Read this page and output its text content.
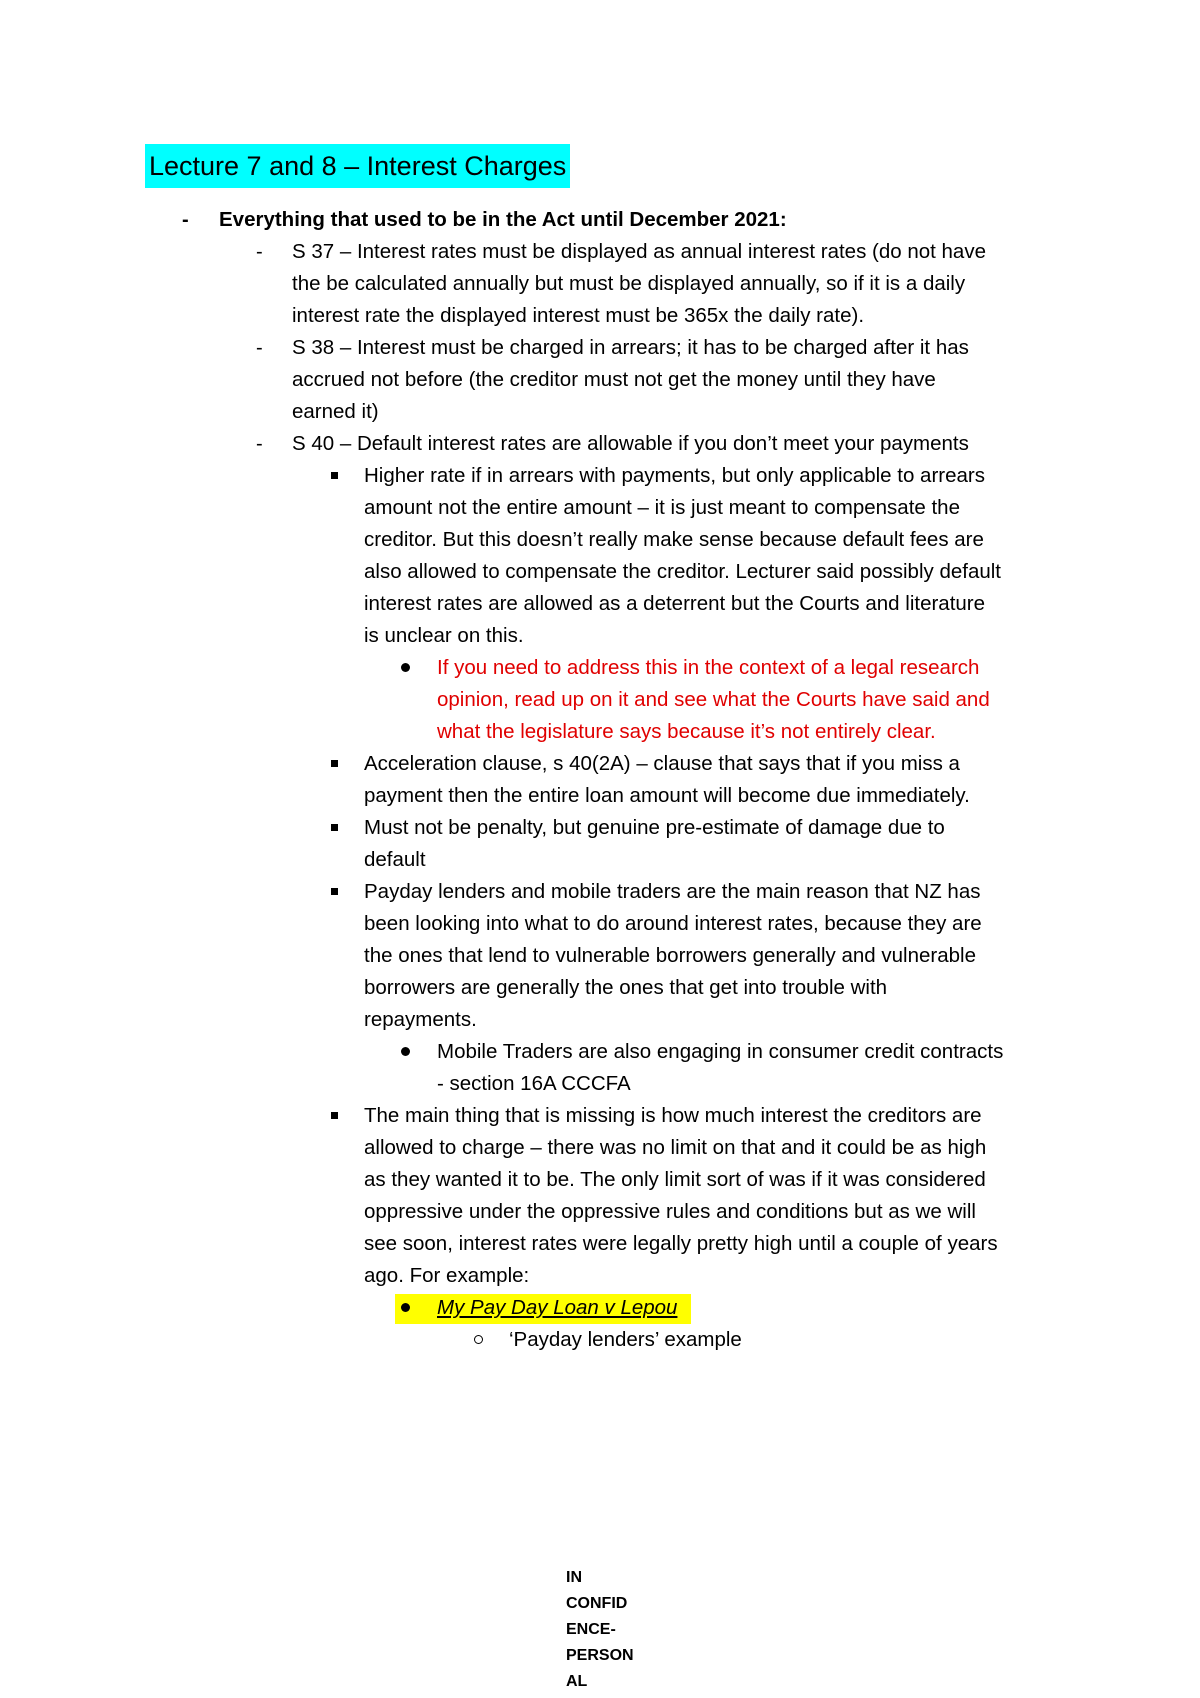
Lecture 7 and 8 – Interest Charges
- Everything that used to be in the Act until December 2021:
- S 37 – Interest rates must be displayed as annual interest rates (do not have
the be calculated annually but must be displayed annually, so if it is a daily
interest rate the displayed interest must be 365x the daily rate).
- S 38 – Interest must be charged in arrears; it has to be charged after it has
accrued not before (the creditor must not get the money until they have
earned it)
- S 40 – Default interest rates are allowable if you don’t meet your payments
Higher rate if in arrears with payments, but only applicable to arrears
amount not the entire amount – it is just meant to compensate the
creditor. But this doesn’t really make sense because default fees are
also allowed to compensate the creditor. Lecturer said possibly default
interest rates are allowed as a deterrent but the Courts and literature
is unclear on this.
If you need to address this in the context of a legal research
opinion, read up on it and see what the Courts have said and
what the legislature says because it’s not entirely clear.
Acceleration clause, s 40(2A) – clause that says that if you miss a
payment then the entire loan amount will become due immediately.
Must not be penalty, but genuine pre-estimate of damage due to
default
Payday lenders and mobile traders are the main reason that NZ has
been looking into what to do around interest rates, because they are
the ones that lend to vulnerable borrowers generally and vulnerable
borrowers are generally the ones that get into trouble with
repayments.
Mobile Traders are also engaging in consumer credit contracts
- section 16A CCCFA
The main thing that is missing is how much interest the creditors are
allowed to charge – there was no limit on that and it could be as high
as they wanted it to be. The only limit sort of was if it was considered
oppressive under the oppressive rules and conditions but as we will
see soon, interest rates were legally pretty high until a couple of years
ago. For example:
My Pay Day Loan v Lepou
‘Payday lenders’ example
IN
CONFID
ENCE-
PERSON
AL
